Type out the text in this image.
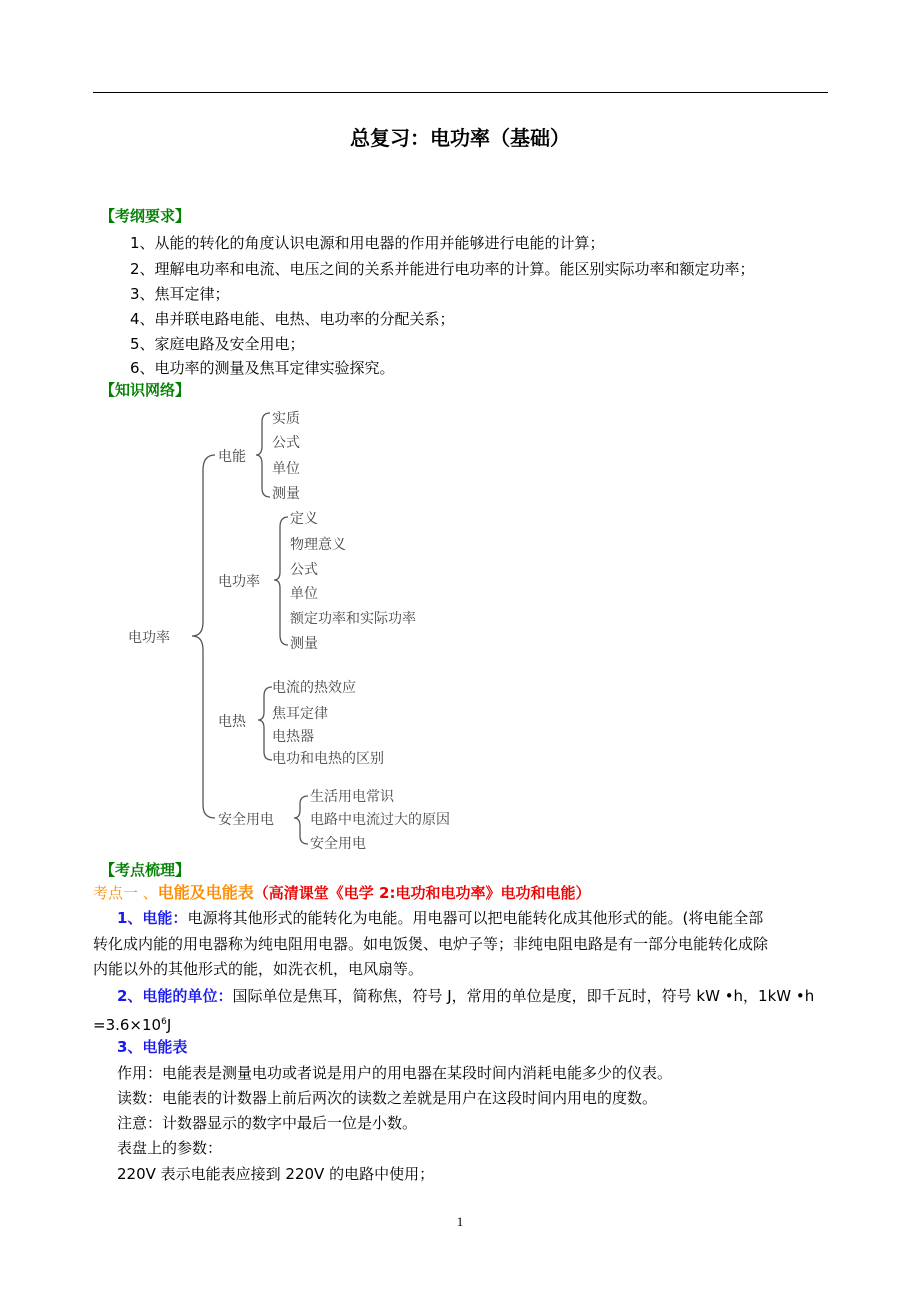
总复习：电功率（基础）
【考纲要求】
1、从能的转化的角度认识电源和用电器的作用并能够进行电能的计算；
2、理解电功率和电流、电压之间的关系并能进行电功率的计算。能区别实际功率和额定功率；
3、焦耳定律；
4、串并联电路电能、电热、电功率的分配关系；
5、家庭电路及安全用电；
6、电功率的测量及焦耳定律实验探究。
【知识网络】
电功率
电能
实质
公式
单位
测量
电功率
定义
物理意义
公式
单位
额定功率和实际功率
测量
电热
电流的热效应
焦耳定律
电热器
电功和电热的区别
安全用电
生活用电常识
电路中电流过大的原因
安全用电
【考点梳理】
考点一 、电能及电能表（高清课堂《电学 2:电功和电功率》电功和电能）
1、电能：电源将其他形式的能转化为电能。用电器可以把电能转化成其他形式的能。(将电能全部
转化成内能的用电器称为纯电阻用电器。如电饭煲、电炉子等；非纯电阻电路是有一部分电能转化成除
内能以外的其他形式的能，如洗衣机，电风扇等。
2、电能的单位：国际单位是焦耳，简称焦，符号 J，常用的单位是度，即千瓦时，符号 kW •h，1kW •h
$=3.6\times 10^6J$
3、电能表
作用：电能表是测量电功或者说是用户的用电器在某段时间内消耗电能多少的仪表。
读数：电能表的计数器上前后两次的读数之差就是用户在这段时间内用电的度数。
注意：计数器显示的数字中最后一位是小数。
表盘上的参数：
220V 表示电能表应接到 220V 的电路中使用；
1
